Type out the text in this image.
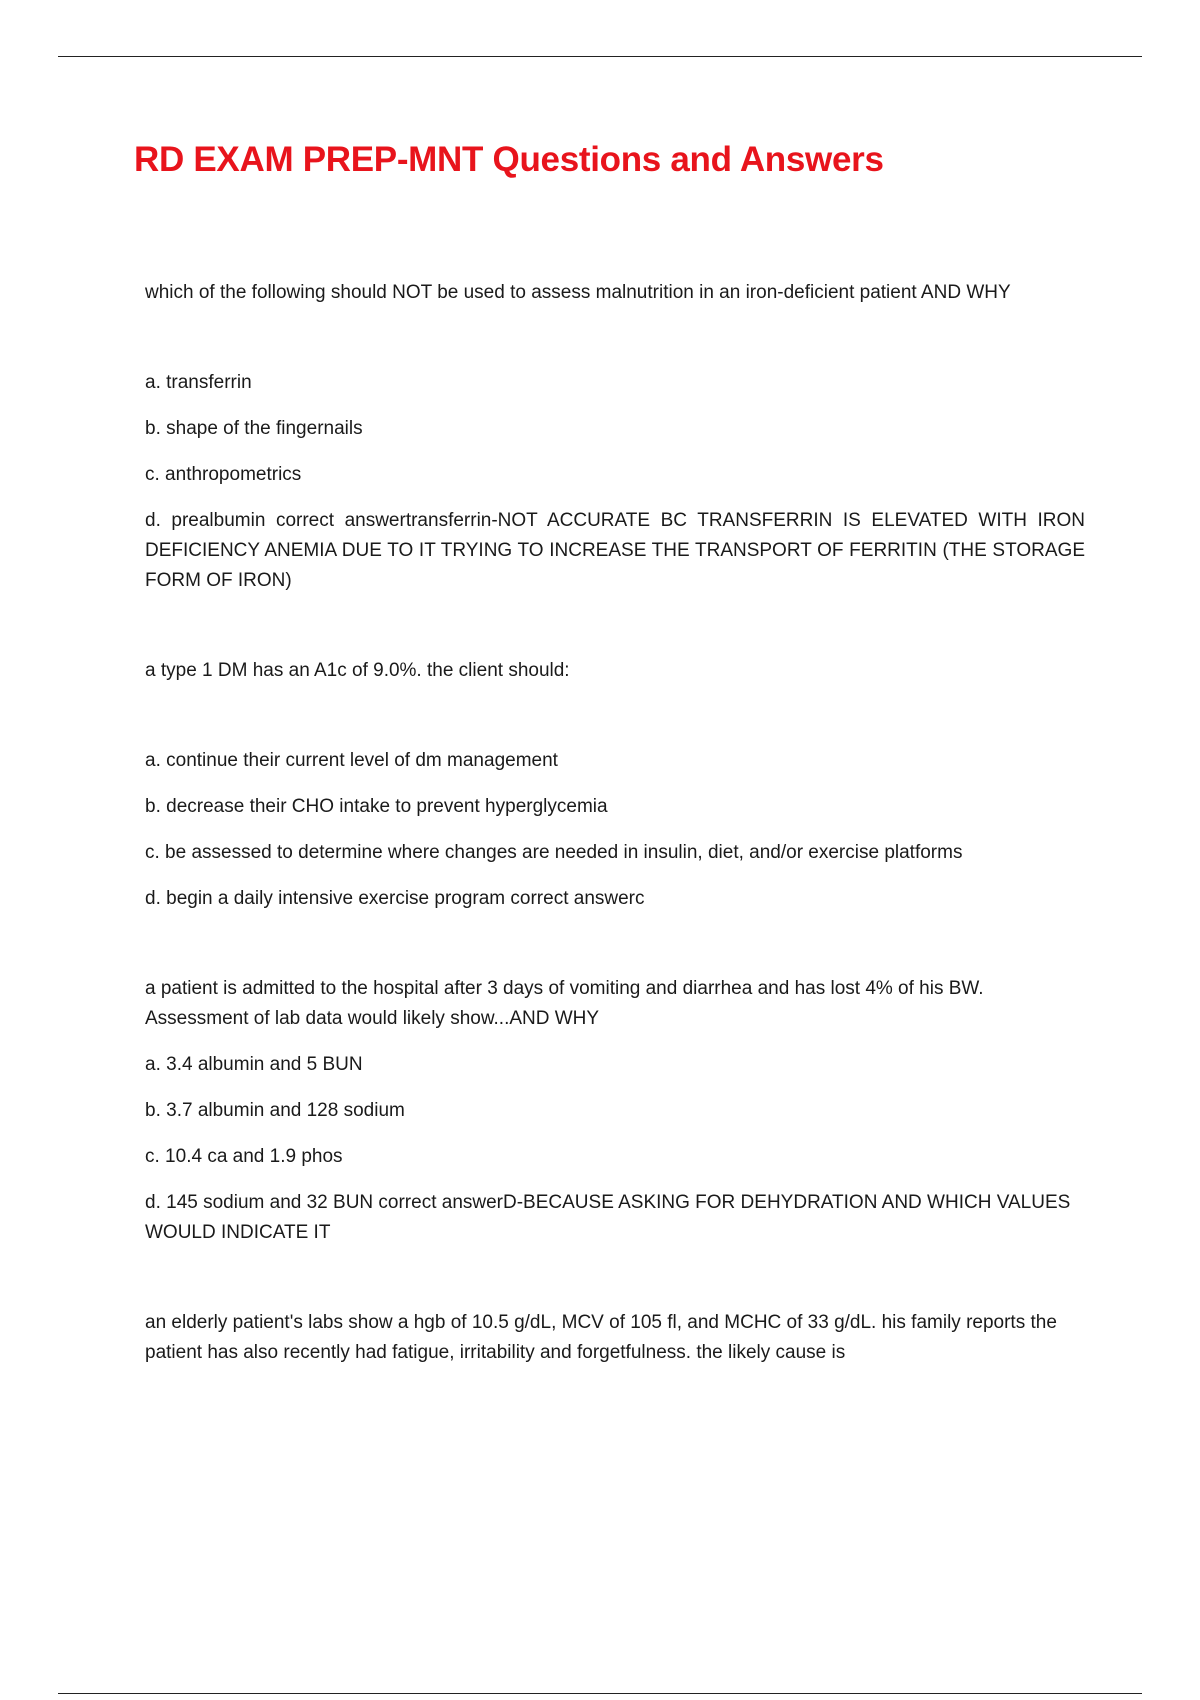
RD EXAM PREP-MNT Questions and Answers

which of the following should NOT be used to assess malnutrition in an iron-deficient patient AND WHY

a. transferrin

b. shape of the fingernails

c. anthropometrics

d. prealbumin correct answertransferrin-NOT ACCURATE BC TRANSFERRIN IS ELEVATED WITH IRON DEFICIENCY ANEMIA DUE TO IT TRYING TO INCREASE THE TRANSPORT OF FERRITIN (THE STORAGE FORM OF IRON)

a type 1 DM has an A1c of 9.0%. the client should:

a. continue their current level of dm management

b. decrease their CHO intake to prevent hyperglycemia

c. be assessed to determine where changes are needed in insulin, diet, and/or exercise platforms

d. begin a daily intensive exercise program correct answerc

a patient is admitted to the hospital after 3 days of vomiting and diarrhea and has lost 4% of his BW. Assessment of lab data would likely show...AND WHY

a. 3.4 albumin and 5 BUN

b. 3.7 albumin and 128 sodium

c. 10.4 ca and 1.9 phos

d. 145 sodium and 32 BUN correct answerD-BECAUSE ASKING FOR DEHYDRATION AND WHICH VALUES WOULD INDICATE IT

an elderly patient's labs show a hgb of 10.5 g/dL, MCV of 105 fl, and MCHC of 33 g/dL. his family reports the patient has also recently had fatigue, irritability and forgetfulness. the likely cause is
